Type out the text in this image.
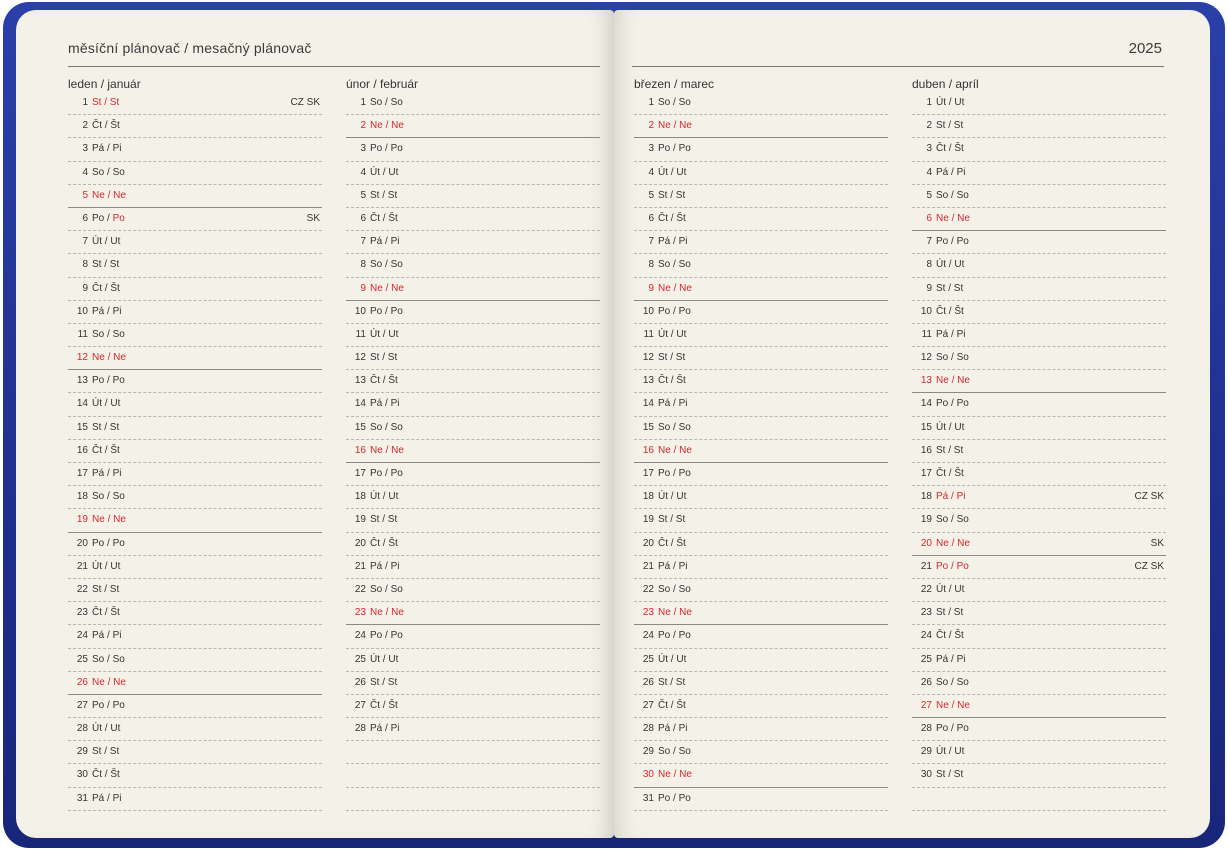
měsíční plánovač / mesačný plánovač	2025
leden / január
1 St / St	CZ SK
2 Čt / Št
3 Pá / Pi
4 So / So
5 Ne / Ne
6 Po / Po	SK
7 Út / Ut
8 St / St
9 Čt / Št
10 Pá / Pi
11 So / So
12 Ne / Ne
13 Po / Po
14 Út / Ut
15 St / St
16 Čt / Št
17 Pá / Pi
18 So / So
19 Ne / Ne
20 Po / Po
21 Út / Ut
22 St / St
23 Čt / Št
24 Pá / Pi
25 So / So
26 Ne / Ne
27 Po / Po
28 Út / Ut
29 St / St
30 Čt / Št
31 Pá / Pi
únor / február
1 So / So
2 Ne / Ne
3 Po / Po
4 Út / Ut
5 St / St
6 Čt / Št
7 Pá / Pi
8 So / So
9 Ne / Ne
10 Po / Po
11 Út / Ut
12 St / St
13 Čt / Št
14 Pá / Pi
15 So / So
16 Ne / Ne
17 Po / Po
18 Út / Ut
19 St / St
20 Čt / Št
21 Pá / Pi
22 So / So
23 Ne / Ne
24 Po / Po
25 Út / Ut
26 St / St
27 Čt / Št
28 Pá / Pi
březen / marec
1 So / So
2 Ne / Ne
3 Po / Po
4 Út / Ut
5 St / St
6 Čt / Št
7 Pá / Pi
8 So / So
9 Ne / Ne
10 Po / Po
11 Út / Ut
12 St / St
13 Čt / Št
14 Pá / Pi
15 So / So
16 Ne / Ne
17 Po / Po
18 Út / Ut
19 St / St
20 Čt / Št
21 Pá / Pi
22 So / So
23 Ne / Ne
24 Po / Po
25 Út / Ut
26 St / St
27 Čt / Št
28 Pá / Pi
29 So / So
30 Ne / Ne
31 Po / Po
duben / apríl
1 Út / Ut
2 St / St
3 Čt / Št
4 Pá / Pi
5 So / So
6 Ne / Ne
7 Po / Po
8 Út / Ut
9 St / St
10 Čt / Št
11 Pá / Pi
12 So / So
13 Ne / Ne
14 Po / Po
15 Út / Ut
16 St / St
17 Čt / Št
18 Pá / Pi	CZ SK
19 So / So
20 Ne / Ne	SK
21 Po / Po	CZ SK
22 Út / Ut
23 St / St
24 Čt / Št
25 Pá / Pi
26 So / So
27 Ne / Ne
28 Po / Po
29 Út / Ut
30 St / St
